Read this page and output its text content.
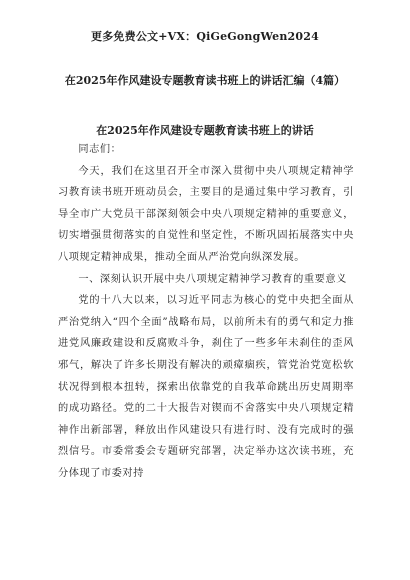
更多免费公文+VX：QiGeGongWen2024
在2025年作风建设专题教育读书班上的讲话汇编（4篇）
在2025年作风建设专题教育读书班上的讲话

同志们：

今天，我们在这里召开全市深入贯彻中央八项规定精神学习教育读书班开班动员会，主要目的是通过集中学习教育，引导全市广大党员干部深刻领会中央八项规定精神的重要意义，切实增强贯彻落实的自觉性和坚定性，不断巩固拓展落实中央八项规定精神成果，推动全面从严治党向纵深发展。

一、深刻认识开展中央八项规定精神学习教育的重要意义

党的十八大以来，以习近平同志为核心的党中央把全面从严治党纳入“四个全面”战略布局，以前所未有的勇气和定力推进党风廉政建设和反腐败斗争，刹住了一些多年未刹住的歪风邪气，解决了许多长期没有解决的顽瘴痼疾，管党治党宽松软状况得到根本扭转，探索出依靠党的自我革命跳出历史周期率的成功路径。党的二十大报告对锲而不舍落实中央八项规定精神作出新部署，释放出作风建设只有进行时、没有完成时的强烈信号。市委常委会专题研究部署，决定举办这次读书班，充分体现了市委对持
